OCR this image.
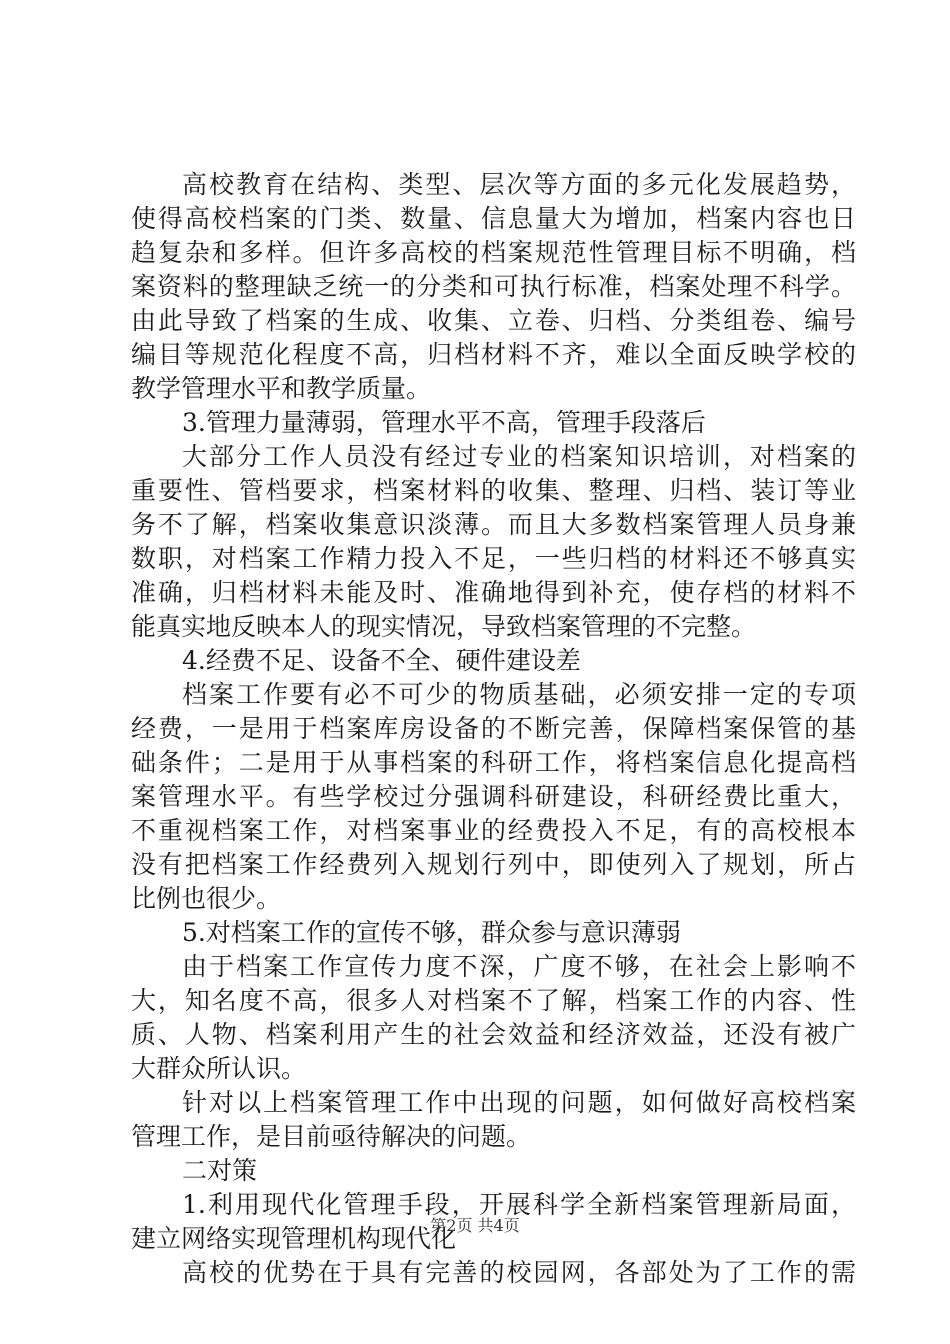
高校教育在结构、类型、层次等方面的多元化发展趋势，
使得高校档案的门类、数量、信息量大为增加，档案内容也日
趋复杂和多样。但许多高校的档案规范性管理目标不明确，档
案资料的整理缺乏统一的分类和可执行标准，档案处理不科学。
由此导致了档案的生成、收集、立卷、归档、分类组卷、编号
编目等规范化程度不高，归档材料不齐，难以全面反映学校的
教学管理水平和教学质量。
3.管理力量薄弱，管理水平不高，管理手段落后
大部分工作人员没有经过专业的档案知识培训，对档案的
重要性、管档要求，档案材料的收集、整理、归档、装订等业
务不了解，档案收集意识淡薄。而且大多数档案管理人员身兼
数职，对档案工作精力投入不足，一些归档的材料还不够真实
准确，归档材料未能及时、准确地得到补充，使存档的材料不
能真实地反映本人的现实情况，导致档案管理的不完整。
4.经费不足、设备不全、硬件建设差
档案工作要有必不可少的物质基础，必须安排一定的专项
经费，一是用于档案库房设备的不断完善，保障档案保管的基
础条件；二是用于从事档案的科研工作，将档案信息化提高档
案管理水平。有些学校过分强调科研建设，科研经费比重大，
不重视档案工作，对档案事业的经费投入不足，有的高校根本
没有把档案工作经费列入规划行列中，即使列入了规划，所占
比例也很少。
5.对档案工作的宣传不够，群众参与意识薄弱
由于档案工作宣传力度不深，广度不够，在社会上影响不
大，知名度不高，很多人对档案不了解，档案工作的内容、性
质、人物、档案利用产生的社会效益和经济效益，还没有被广
大群众所认识。
针对以上档案管理工作中出现的问题，如何做好高校档案
管理工作，是目前亟待解决的问题。
二对策
1.利用现代化管理手段，开展科学全新档案管理新局面，
建立网络实现管理机构现代化
高校的优势在于具有完善的校园网，各部处为了工作的需
第2页 共4页
